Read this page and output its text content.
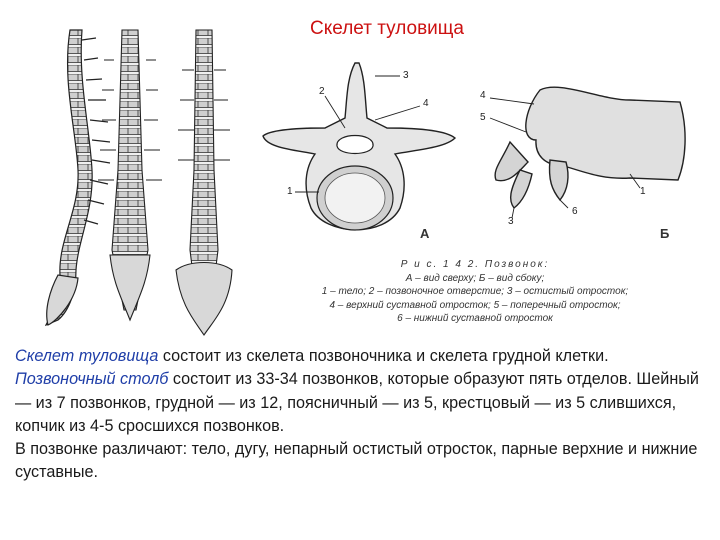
Скелет туловища
2
3
4
1
А
4
5
1
3
6
Б
Р и с. 1 4 2. Позвонок:
А – вид сверху; Б – вид сбоку;
1 – тело; 2 – позвоночное отверстие; 3 – остистый отросток;
4 – верхний суставной отросток; 5 – поперечный отросток;
6 – нижний суставной отросток

Скелет туловища состоит из скелета позвоночника и скелета грудной клетки.

Позвоночный столб состоит из 33-34 позвонков, которые образуют пять отделов. Шейный — из 7 позвонков, грудной — из 12, поясничный — из 5, крестцовый — из 5 слившихся, копчик из 4-5 сросшихся позвонков.

В позвонке различают: тело, дугу, непарный остистый отросток, парные верхние и нижние суставные.
